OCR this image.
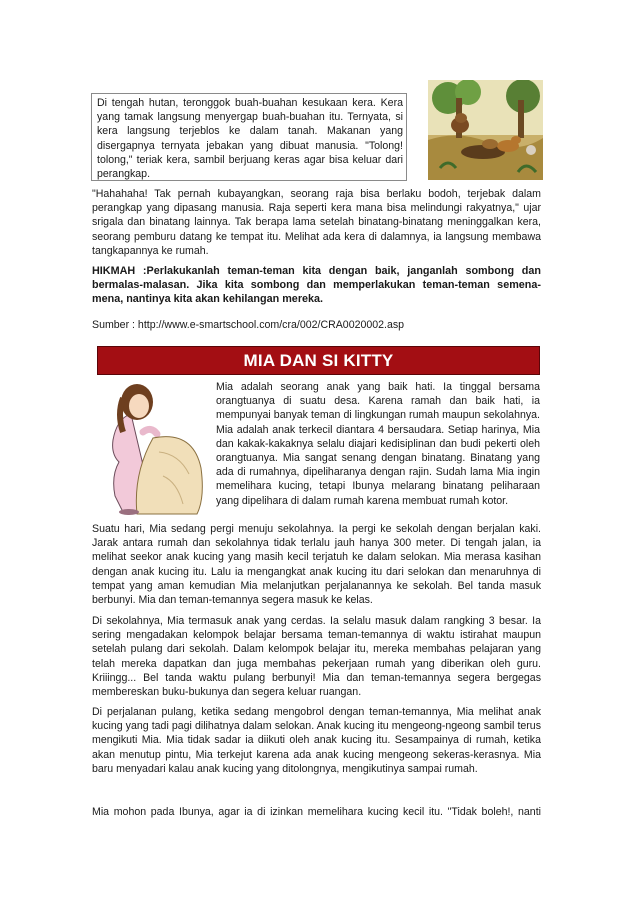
Di tengah hutan, teronggok buah-buahan kesukaan kera. Kera yang tamak langsung menyergap buah-buahan itu. Ternyata, si kera langsung terjeblos ke dalam tanah. Makanan yang disergapnya ternyata jebakan yang dibuat manusia. "Tolong! tolong," teriak kera, sambil berjuang keras agar bisa keluar dari perangkap.

"Hahahaha! Tak pernah kubayangkan, seorang raja bisa berlaku bodoh, terjebak dalam perangkap yang dipasang manusia. Raja seperti kera mana bisa melindungi rakyatnya," ujar srigala dan binatang lainnya. Tak berapa lama setelah binatang-binatang meninggalkan kera, seorang pemburu datang ke tempat itu. Melihat ada kera di dalamnya, ia langsung membawa tangkapannya ke rumah.

HIKMAH :Perlakukanlah teman-teman kita dengan baik, janganlah sombong dan bermalas-malasan. Jika kita sombong dan memperlakukan teman-teman semena-mena, nantinya kita akan kehilangan mereka.

Sumber : http://www.e-smartschool.com/cra/002/CRA0020002.asp

MIA DAN SI KITTY

Mia adalah seorang anak yang baik hati. Ia tinggal bersama orangtuanya di suatu desa. Karena ramah dan baik hati, ia mempunyai banyak teman di lingkungan rumah maupun sekolahnya. Mia adalah anak terkecil diantara 4 bersaudara. Setiap harinya, Mia dan kakak-kakaknya selalu diajari kedisiplinan dan budi pekerti oleh orangtuanya. Mia sangat senang dengan binatang. Binatang yang ada di rumahnya, dipeliharanya dengan rajin. Sudah lama Mia ingin memelihara kucing, tetapi Ibunya melarang binatang peliharaan yang dipelihara di dalam rumah karena membuat rumah kotor.

Suatu hari, Mia sedang pergi menuju sekolahnya. Ia pergi ke sekolah dengan berjalan kaki. Jarak antara rumah dan sekolahnya tidak terlalu jauh hanya 300 meter. Di tengah jalan, ia melihat seekor anak kucing yang masih kecil terjatuh ke dalam selokan. Mia merasa kasihan dengan anak kucing itu. Lalu ia mengangkat anak kucing itu dari selokan dan menaruhnya di tempat yang aman kemudian Mia melanjutkan perjalanannya ke sekolah. Bel tanda masuk berbunyi. Mia dan teman-temannya segera masuk ke kelas.

Di sekolahnya, Mia termasuk anak yang cerdas. Ia selalu masuk dalam rangking 3 besar. Ia sering mengadakan kelompok belajar bersama teman-temannya di waktu istirahat maupun setelah pulang dari sekolah. Dalam kelompok belajar itu, mereka membahas pelajaran yang telah mereka dapatkan dan juga membahas pekerjaan rumah yang diberikan oleh guru. Kriiingg... Bel tanda waktu pulang berbunyi! Mia dan teman-temannya segera bergegas membereskan buku-bukunya dan segera keluar ruangan.

Di perjalanan pulang, ketika sedang mengobrol dengan teman-temannya, Mia melihat anak kucing yang tadi pagi dilihatnya dalam selokan. Anak kucing itu mengeong-ngeong sambil terus mengikuti Mia. Mia tidak sadar ia diikuti oleh anak kucing itu. Sesampainya di rumah, ketika akan menutup pintu, Mia terkejut karena ada anak kucing mengeong sekeras-kerasnya. Mia baru menyadari kalau anak kucing yang ditolongnya, mengikutinya sampai rumah.

Mia mohon pada Ibunya, agar ia di izinkan memelihara kucing kecil itu. "Tidak boleh!, nanti
